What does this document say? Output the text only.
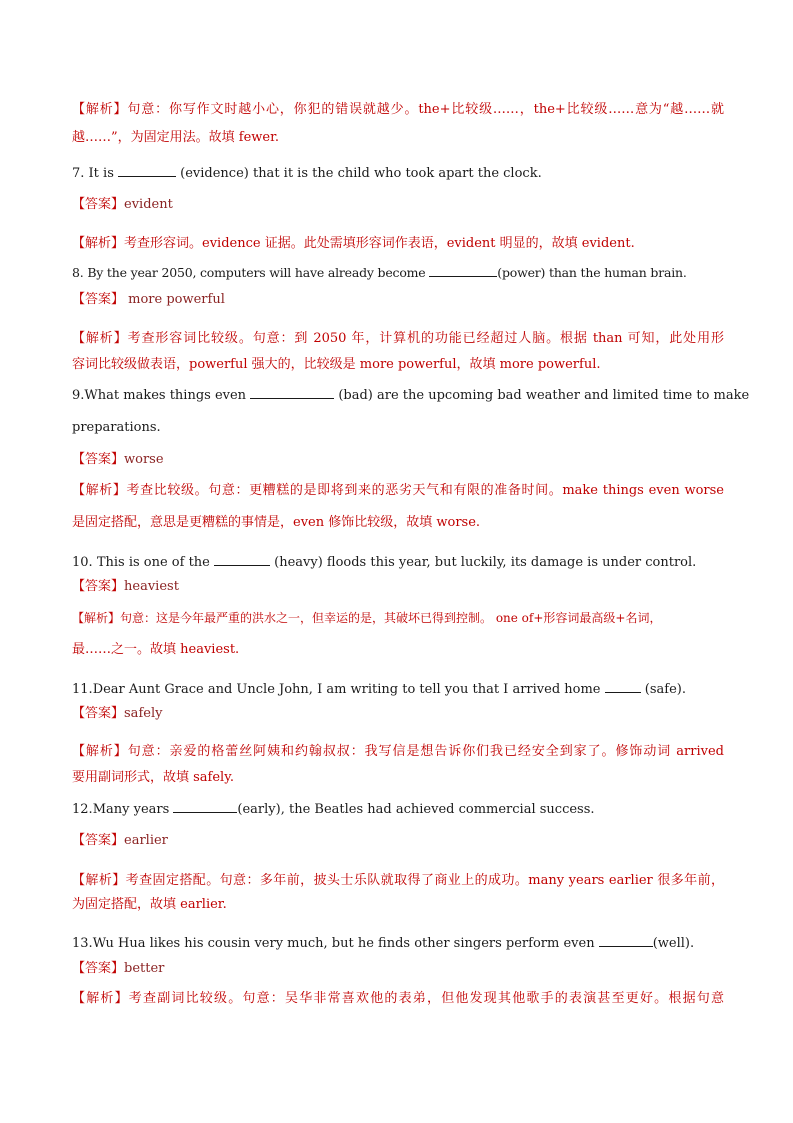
【解析】句意：你写作文时越小心，你犯的错误就越少。the+比较级……，the+比较级……意为“越……就
越……”，为固定用法。故填 fewer.
7. It is	(evidence) that it is the child who took apart the clock.
【答案】evident
【解析】考查形容词。evidence 证据。此处需填形容词作表语，evident 明显的，故填 evident.
8. By the year 2050, computers will have already become	(power) than the human brain.
【答案】 more powerful
【解析】考查形容词比较级。句意：到 2050 年，计算机的功能已经超过人脑。根据 than 可知，此处用形
容词比较级做表语，powerful 强大的，比较级是 more powerful，故填 more powerful.
9.What makes things even	(bad) are the upcoming bad weather and limited time to make
preparations.
【答案】worse
【解析】考查比较级。句意：更糟糕的是即将到来的恶劣天气和有限的准备时间。make things even worse
是固定搭配，意思是更糟糕的事情是，even 修饰比较级，故填 worse.
10. This is one of the	(heavy) floods this year, but luckily, its damage is under control.
【答案】heaviest
【解析】句意：这是今年最严重的洪水之一，但幸运的是，其破坏已得到控制。 one of+形容词最高级+名词，
最……之一。故填 heaviest.
11.Dear Aunt Grace and Uncle John, I am writing to tell you that I arrived home	(safe).
【答案】safely
【解析】句意：亲爱的格蕾丝阿姨和约翰叔叔：我写信是想告诉你们我已经安全到家了。修饰动词 arrived
要用副词形式，故填 safely.
12.Many years	(early), the Beatles had achieved commercial success.
【答案】earlier
【解析】考查固定搭配。句意：多年前，披头士乐队就取得了商业上的成功。many years earlier 很多年前，
为固定搭配，故填 earlier.
13.Wu Hua likes his cousin very much, but he finds other singers perform even	(well).
【答案】better
【解析】考查副词比较级。句意：吴华非常喜欢他的表弟，但他发现其他歌手的表演甚至更好。根据句意
